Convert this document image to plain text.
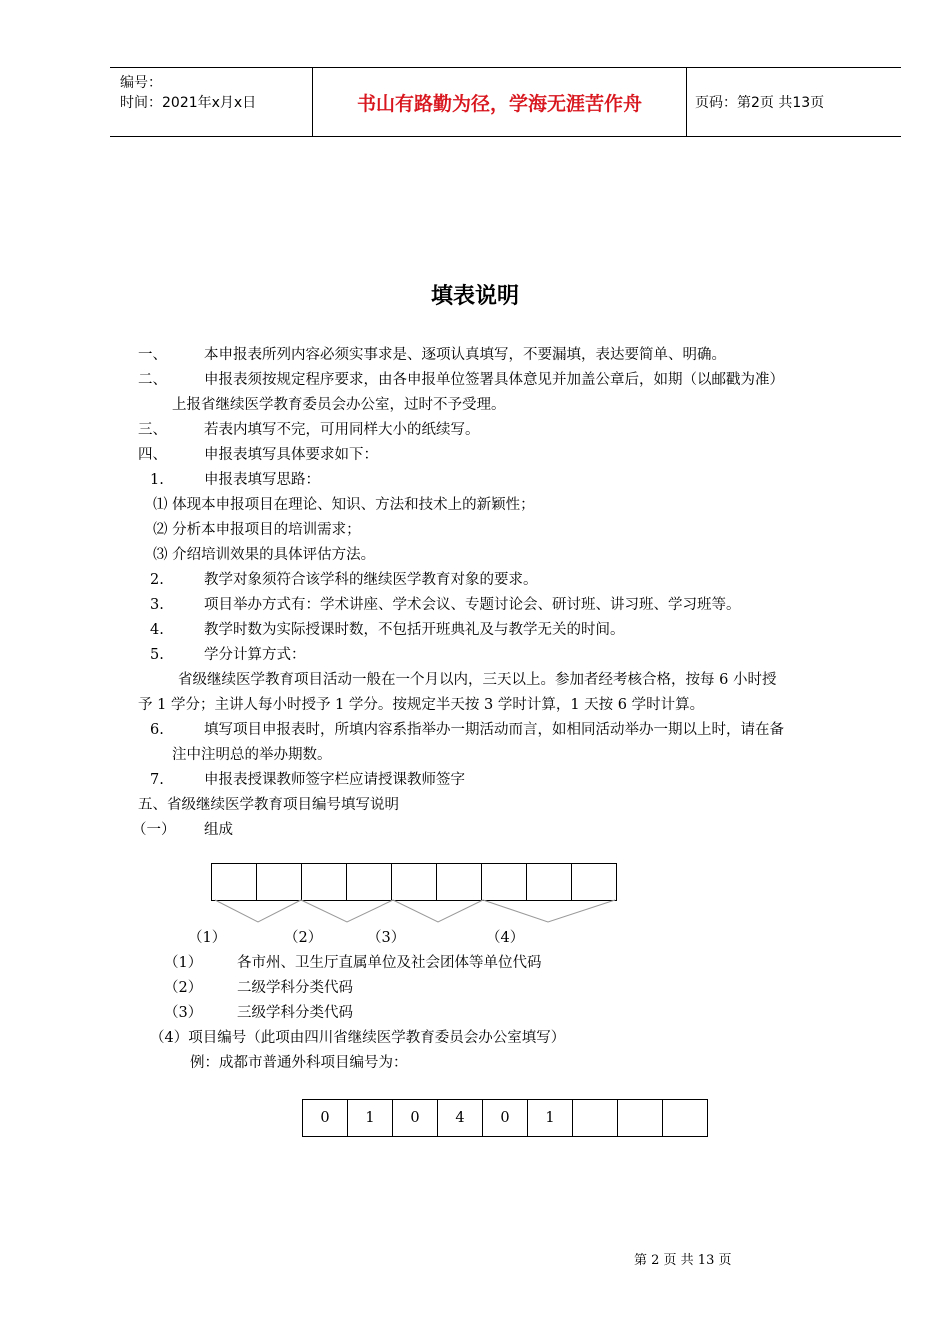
编号：
时间：2021年x月x日	书山有路勤为径，学海无涯苦作舟	页码：第2页 共13页
填表说明
一、	本申报表所列内容必须实事求是、逐项认真填写，不要漏填，表达要简单、明确。
二、	申报表须按规定程序要求，由各申报单位签署具体意见并加盖公章后，如期（以邮戳为准）
上报省继续医学教育委员会办公室，过时不予受理。
三、	若表内填写不完，可用同样大小的纸续写。
四、	申报表填写具体要求如下：
1.	申报表填写思路：
⑴ 体现本申报项目在理论、知识、方法和技术上的新颖性；
⑵ 分析本申报项目的培训需求；
⑶ 介绍培训效果的具体评估方法。
2.	教学对象须符合该学科的继续医学教育对象的要求。
3.	项目举办方式有：学术讲座、学术会议、专题讨论会、研讨班、讲习班、学习班等。
4.	教学时数为实际授课时数，不包括开班典礼及与教学无关的时间。
5.	学分计算方式：
省级继续医学教育项目活动一般在一个月以内，三天以上。参加者经考核合格，按每 6 小时授
予 1 学分；主讲人每小时授予 1 学分。按规定半天按 3 学时计算，1 天按 6 学时计算。
6.	填写项目申报表时，所填内容系指举办一期活动而言，如相同活动举办一期以上时，请在备
注中注明总的举办期数。
7.	申报表授课教师签字栏应请授课教师签字
五、省级继续医学教育项目编号填写说明
（一） 组成
（1）	（2）	（3）	（4）
（1） 各市州、卫生厅直属单位及社会团体等单位代码
（2） 二级学科分类代码
（3） 三级学科分类代码
（4）项目编号（此项由四川省继续医学教育委员会办公室填写）
例：成都市普通外科项目编号为：
0	1	0	4	0	1
第 2 页 共 13 页
